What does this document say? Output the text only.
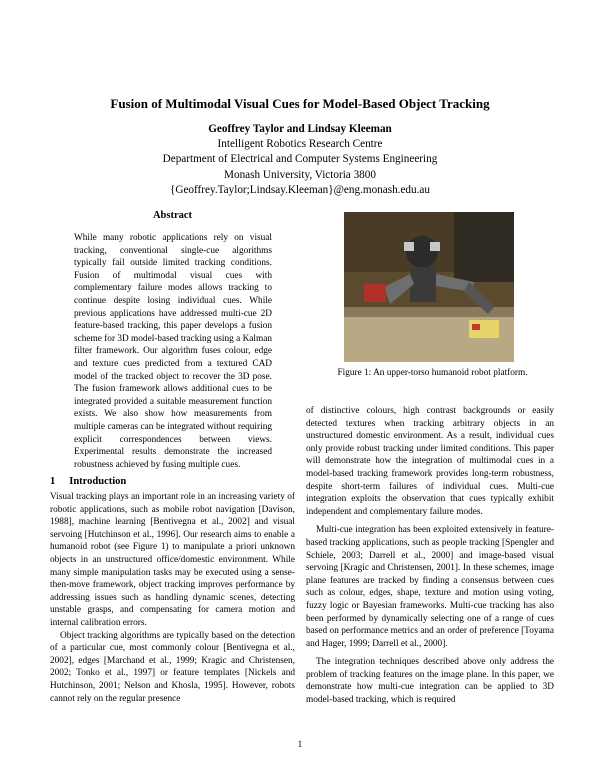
Fusion of Multimodal Visual Cues for Model-Based Object Tracking
Geoffrey Taylor and Lindsay Kleeman
Intelligent Robotics Research Centre
Department of Electrical and Computer Systems Engineering
Monash University, Victoria 3800
{Geoffrey.Taylor;Lindsay.Kleeman}@eng.monash.edu.au
Abstract

While many robotic applications rely on visual tracking, conventional single-cue algorithms typically fail outside limited tracking conditions. Fusion of multimodal visual cues with complementary failure modes allows tracking to continue despite losing individual cues. While previous applications have addressed multi-cue 2D feature-based tracking, this paper develops a fusion scheme for 3D model-based tracking using a Kalman filter framework. Our algorithm fuses colour, edge and texture cues predicted from a textured CAD model of the tracked object to recover the 3D pose. The fusion framework allows additional cues to be integrated provided a suitable measurement function exists. We also show how measurements from multiple cameras can be integrated without requiring explicit correspondences between views. Experimental results demonstrate the increased robustness achieved by fusing multiple cues.

1 Introduction

Visual tracking plays an important role in an increasing variety of robotic applications, such as mobile robot navigation [Davison, 1988], machine learning [Bentivegna et al., 2002] and visual servoing [Hutchinson et al., 1996]. Our research aims to enable a humanoid robot (see Figure 1) to manipulate a priori unknown objects in an unstructured office/domestic environment. While many simple manipulation tasks may be executed using a sense-then-move framework, object tracking improves performance by addressing issues such as handling dynamic scenes, detecting unstable grasps, and compensating for camera motion and internal calibration errors.

Object tracking algorithms are typically based on the detection of a particular cue, most commonly colour [Bentivegna et al., 2002], edges [Marchand et al., 1999; Kragic and Christensen, 2002; Tonko et al., 1997] or feature templates [Nickels and Hutchinson, 2001; Nelson and Khosla, 1995]. However, robots cannot rely on the regular presence

Figure 1: An upper-torso humanoid robot platform.

of distinctive colours, high contrast backgrounds or easily detected textures when tracking arbitrary objects in an unstructured domestic environment. As a result, individual cues only provide robust tracking under limited conditions. This paper will demonstrate how the integration of multimodal cues in a model-based tracking framework provides long-term robustness, despite short-term failures of individual cues. Multi-cue integration exploits the observation that cues typically exhibit independent and complementary failure modes.

Multi-cue integration has been exploited extensively in feature-based tracking applications, such as people tracking [Spengler and Schiele, 2003; Darrell et al., 2000] and image-based visual servoing [Kragic and Christensen, 2001]. In these schemes, image plane features are tracked by finding a consensus between cues such as colour, edges, shape, texture and motion using voting, fuzzy logic or Bayesian frameworks. Multi-cue tracking has also been performed by dynamically selecting one of a range of cues based on performance metrics and an order of preference [Toyama and Hager, 1999; Darrell et al., 2000].

The integration techniques described above only address the problem of tracking features on the image plane. In this paper, we demonstrate how multi-cue integration can be applied to 3D model-based tracking, which is required

1
